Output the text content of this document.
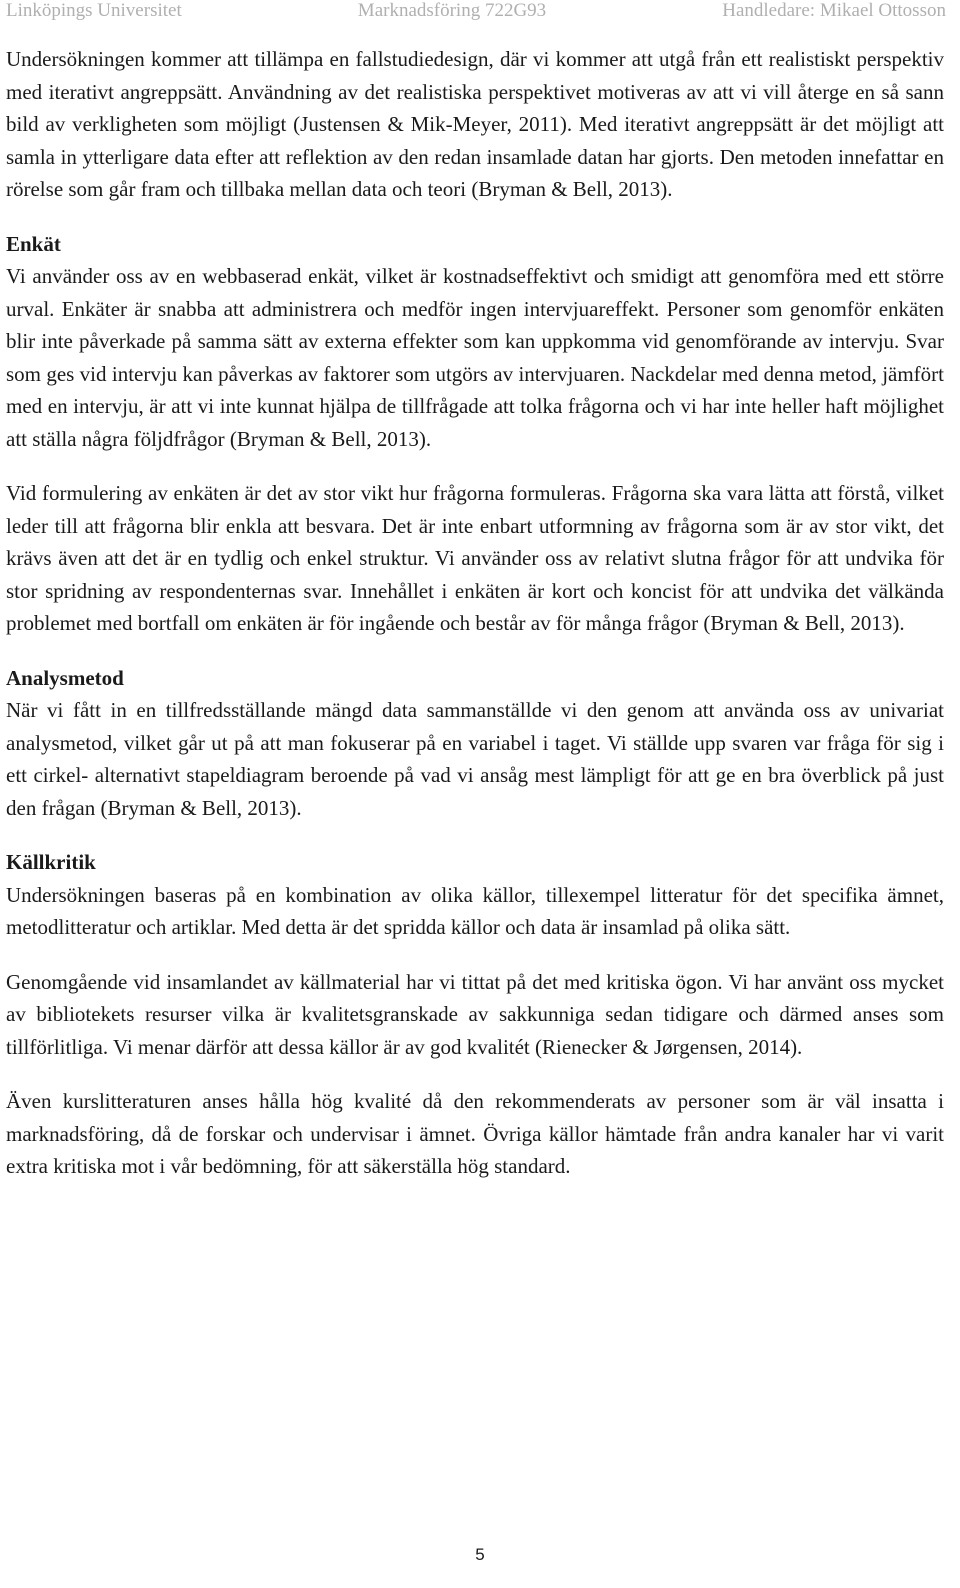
Linköpings Universitet	Marknadsföring 722G93	Handledare: Mikael Ottosson

Undersökningen kommer att tillämpa en fallstudiedesign, där vi kommer att utgå från ett realistiskt perspektiv med iterativt angreppsätt. Användning av det realistiska perspektivet motiveras av att vi vill återge en så sann bild av verkligheten som möjligt (Justensen & Mik-Meyer, 2011). Med iterativt angreppsätt är det möjligt att samla in ytterligare data efter att reflektion av den redan insamlade datan har gjorts. Den metoden innefattar en rörelse som går fram och tillbaka mellan data och teori (Bryman & Bell, 2013).

Enkät

Vi använder oss av en webbaserad enkät, vilket är kostnadseffektivt och smidigt att genomföra med ett större urval. Enkäter är snabba att administrera och medför ingen intervjuareffekt. Personer som genomför enkäten blir inte påverkade på samma sätt av externa effekter som kan uppkomma vid genomförande av intervju. Svar som ges vid intervju kan påverkas av faktorer som utgörs av intervjuaren. Nackdelar med denna metod, jämfört med en intervju, är att vi inte kunnat hjälpa de tillfrågade att tolka frågorna och vi har inte heller haft möjlighet att ställa några följdfrågor (Bryman & Bell, 2013).

Vid formulering av enkäten är det av stor vikt hur frågorna formuleras. Frågorna ska vara lätta att förstå, vilket leder till att frågorna blir enkla att besvara. Det är inte enbart utformning av frågorna som är av stor vikt, det krävs även att det är en tydlig och enkel struktur. Vi använder oss av relativt slutna frågor för att undvika för stor spridning av respondenternas svar. Innehållet i enkäten är kort och koncist för att undvika det välkända problemet med bortfall om enkäten är för ingående och består av för många frågor (Bryman & Bell, 2013).

Analysmetod

När vi fått in en tillfredsställande mängd data sammanställde vi den genom att använda oss av univariat analysmetod, vilket går ut på att man fokuserar på en variabel i taget. Vi ställde upp svaren var fråga för sig i ett cirkel- alternativt stapeldiagram beroende på vad vi ansåg mest lämpligt för att ge en bra överblick på just den frågan (Bryman & Bell, 2013).

Källkritik

Undersökningen baseras på en kombination av olika källor, tillexempel litteratur för det specifika ämnet, metodlitteratur och artiklar. Med detta är det spridda källor och data är insamlad på olika sätt.

Genomgående vid insamlandet av källmaterial har vi tittat på det med kritiska ögon. Vi har använt oss mycket av bibliotekets resurser vilka är kvalitetsgranskade av sakkunniga sedan tidigare och därmed anses som tillförlitliga. Vi menar därför att dessa källor är av god kvalitét (Rienecker & Jørgensen, 2014).

Även kurslitteraturen anses hålla hög kvalité då den rekommenderats av personer som är väl insatta i marknadsföring, då de forskar och undervisar i ämnet. Övriga källor hämtade från andra kanaler har vi varit extra kritiska mot i vår bedömning, för att säkerställa hög standard.

5
